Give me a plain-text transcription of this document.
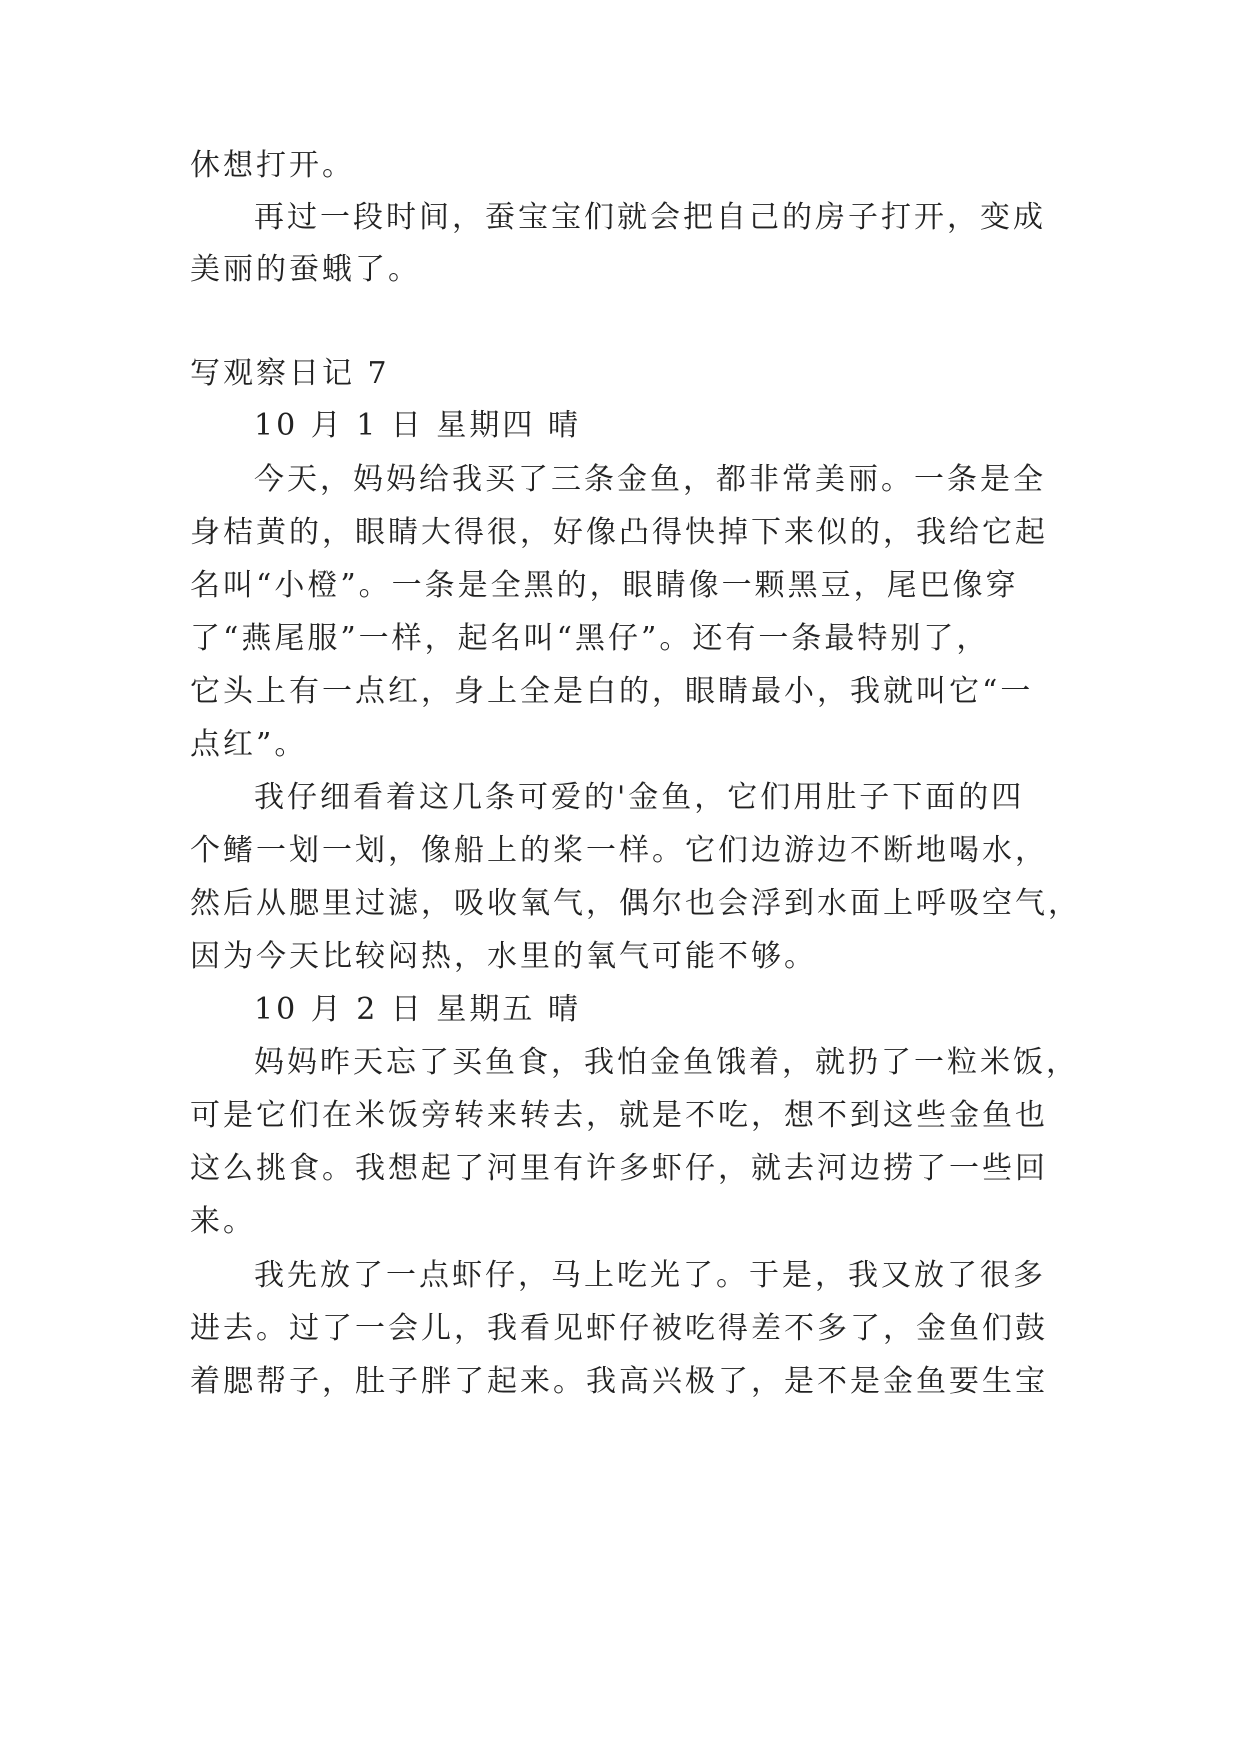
休想打开。
再过一段时间，蚕宝宝们就会把自己的房子打开，变成
美丽的蚕蛾了。
写观察日记 7
10 月 1 日 星期四 晴
今天，妈妈给我买了三条金鱼，都非常美丽。一条是全
身桔黄的，眼睛大得很，好像凸得快掉下来似的，我给它起
名叫“小橙”。一条是全黑的，眼睛像一颗黑豆，尾巴像穿
了“燕尾服”一样，起名叫“黑仔”。还有一条最特别了，
它头上有一点红，身上全是白的，眼睛最小，我就叫它“一
点红”。
我仔细看着这几条可爱的'金鱼，它们用肚子下面的四
个鳍一划一划，像船上的桨一样。它们边游边不断地喝水，
然后从腮里过滤，吸收氧气，偶尔也会浮到水面上呼吸空气，
因为今天比较闷热，水里的氧气可能不够。
10 月 2 日 星期五 晴
妈妈昨天忘了买鱼食，我怕金鱼饿着，就扔了一粒米饭，
可是它们在米饭旁转来转去，就是不吃，想不到这些金鱼也
这么挑食。我想起了河里有许多虾仔，就去河边捞了一些回
来。
我先放了一点虾仔，马上吃光了。于是，我又放了很多
进去。过了一会儿，我看见虾仔被吃得差不多了，金鱼们鼓
着腮帮子，肚子胖了起来。我高兴极了，是不是金鱼要生宝
